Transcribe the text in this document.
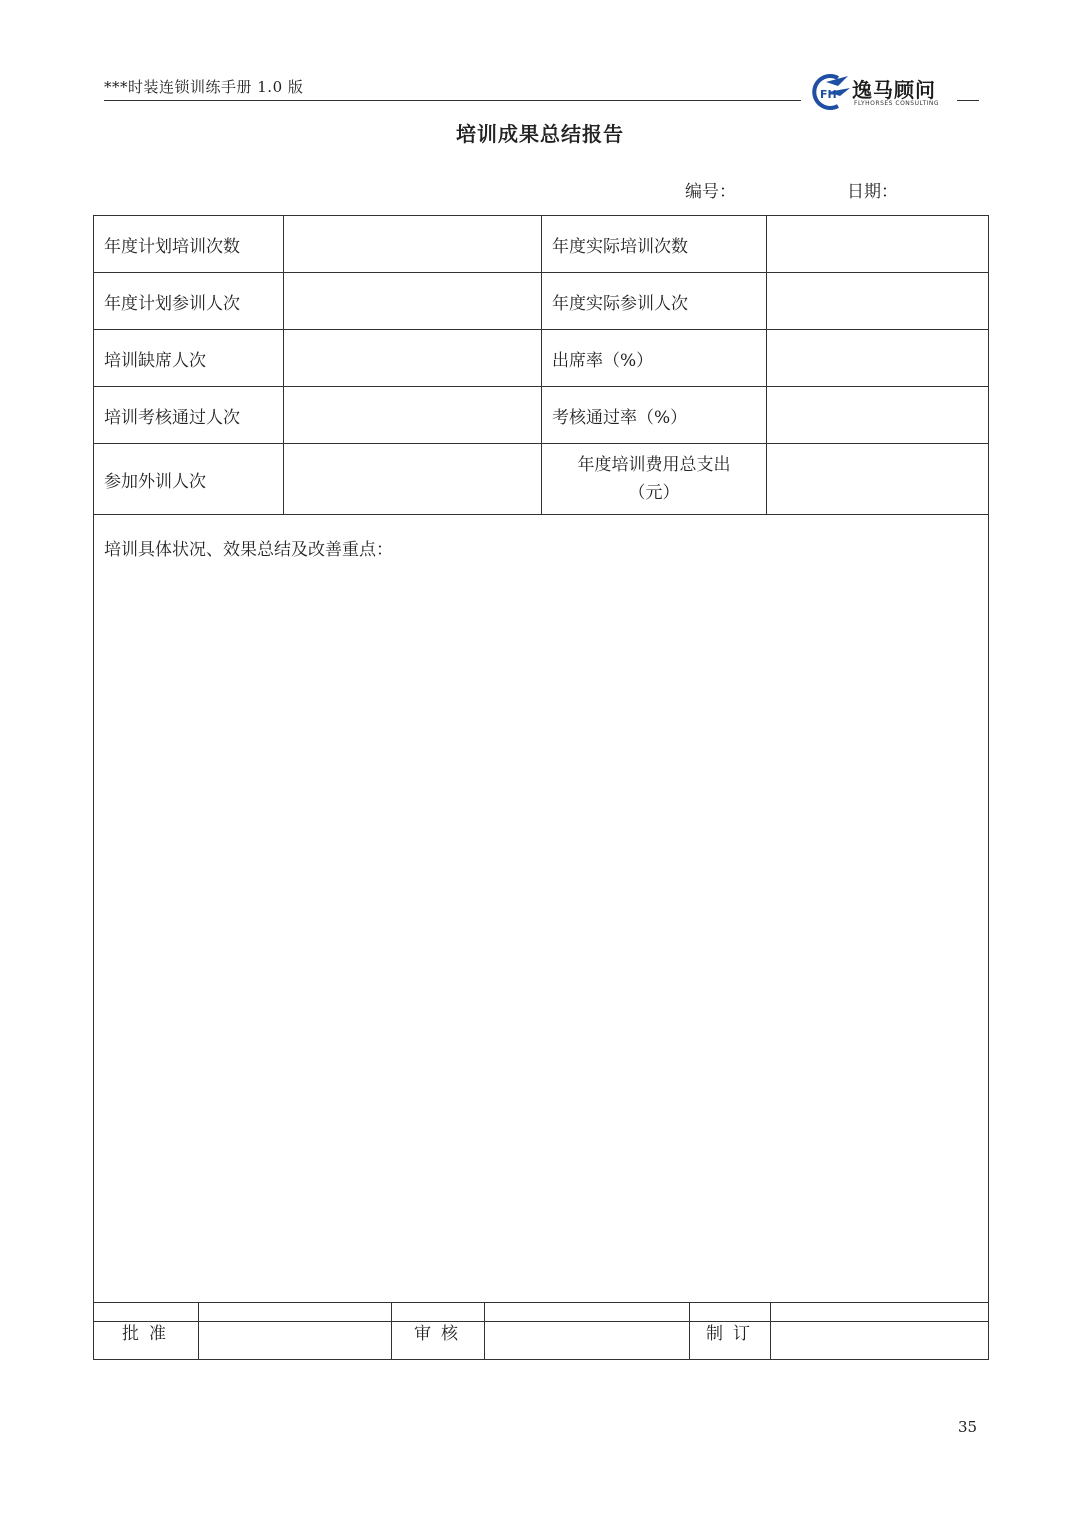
***时装连锁训练手册 1.0 版	FH 逸马顾问
FLYHORSES CONSULTING
培训成果总结报告
编号：	日期：
年度计划培训次数		年度实际培训次数	
年度计划参训人次		年度实际参训人次	
培训缺席人次		出席率（%）	
培训考核通过人次		考核通过率（%）	
参加外训人次		年度培训费用总支出
（元）	

培训具体状况、效果总结及改善重点：			
批准		审核		制订	
35
